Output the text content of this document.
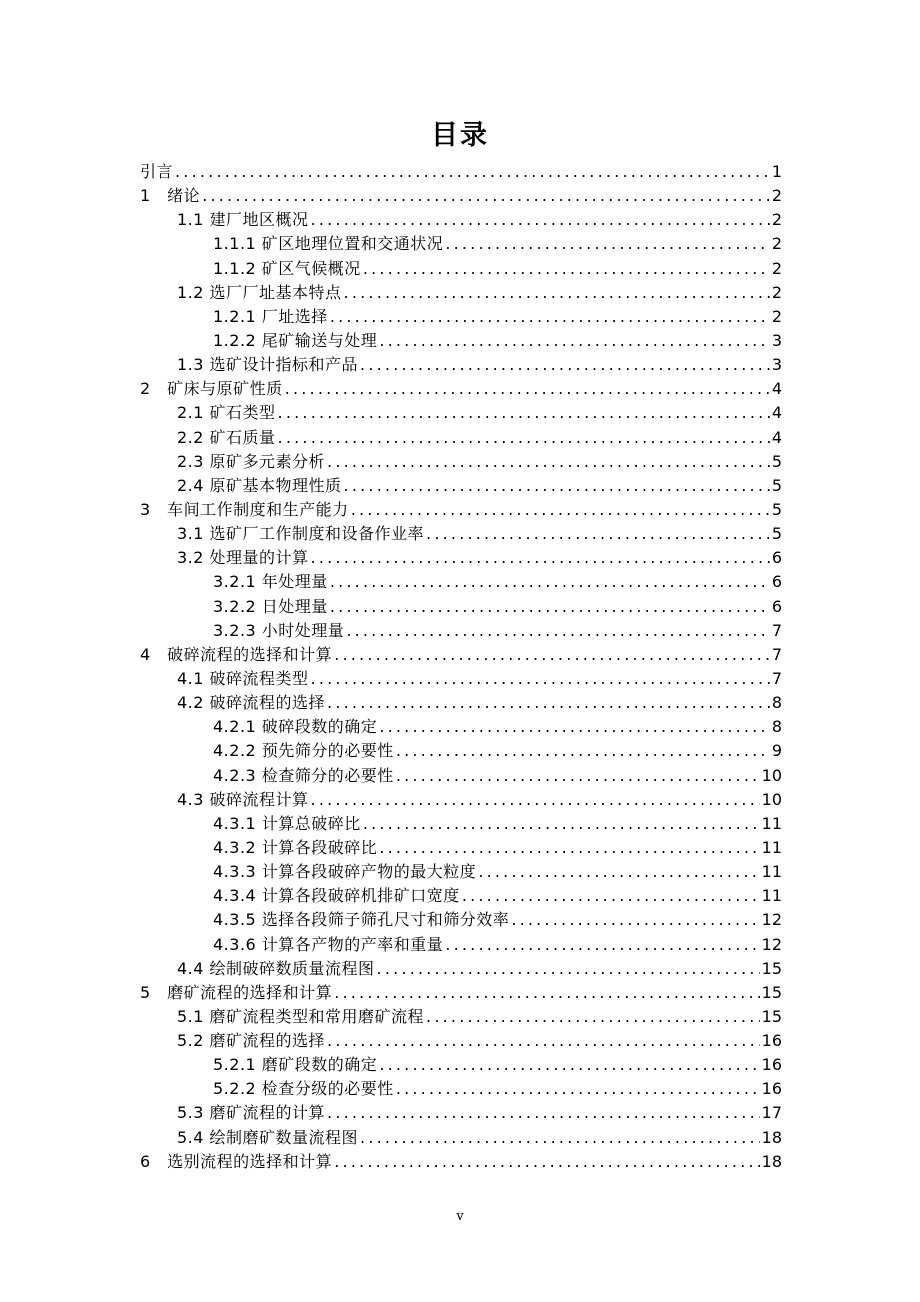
目录
引言 .....	1
1　绪论 .....	2
1.1 建厂地区概况 .....	2
1.1.1 矿区地理位置和交通状况 .....	2
1.1.2 矿区气候概况 .....	2
1.2 选厂厂址基本特点 .....	2
1.2.1 厂址选择 .....	2
1.2.2 尾矿输送与处理 .....	3
1.3 选矿设计指标和产品 .....	3
2　矿床与原矿性质 .....	4
2.1 矿石类型 .....	4
2.2 矿石质量 .....	4
2.3 原矿多元素分析 .....	5
2.4 原矿基本物理性质 .....	5
3　车间工作制度和生产能力 .....	5
3.1 选矿厂工作制度和设备作业率 .....	5
3.2 处理量的计算 .....	6
3.2.1 年处理量 .....	6
3.2.2 日处理量 .....	6
3.2.3 小时处理量 .....	7
4　破碎流程的选择和计算 .....	7
4.1 破碎流程类型 .....	7
4.2 破碎流程的选择 .....	8
4.2.1 破碎段数的确定 .....	8
4.2.2 预先筛分的必要性 .....	9
4.2.3 检查筛分的必要性 .....	10
4.3 破碎流程计算 .....	10
4.3.1 计算总破碎比 .....	11
4.3.2 计算各段破碎比 .....	11
4.3.3 计算各段破碎产物的最大粒度 .....	11
4.3.4 计算各段破碎机排矿口宽度 .....	11
4.3.5 选择各段筛子筛孔尺寸和筛分效率 .....	12
4.3.6 计算各产物的产率和重量 .....	12
4.4 绘制破碎数质量流程图 .....	15
5　磨矿流程的选择和计算 .....	15
5.1 磨矿流程类型和常用磨矿流程 .....	15
5.2 磨矿流程的选择 .....	16
5.2.1 磨矿段数的确定 .....	16
5.2.2 检查分级的必要性 .....	16
5.3 磨矿流程的计算 .....	17
5.4 绘制磨矿数量流程图 .....	18
6　选别流程的选择和计算 .....	18
v
